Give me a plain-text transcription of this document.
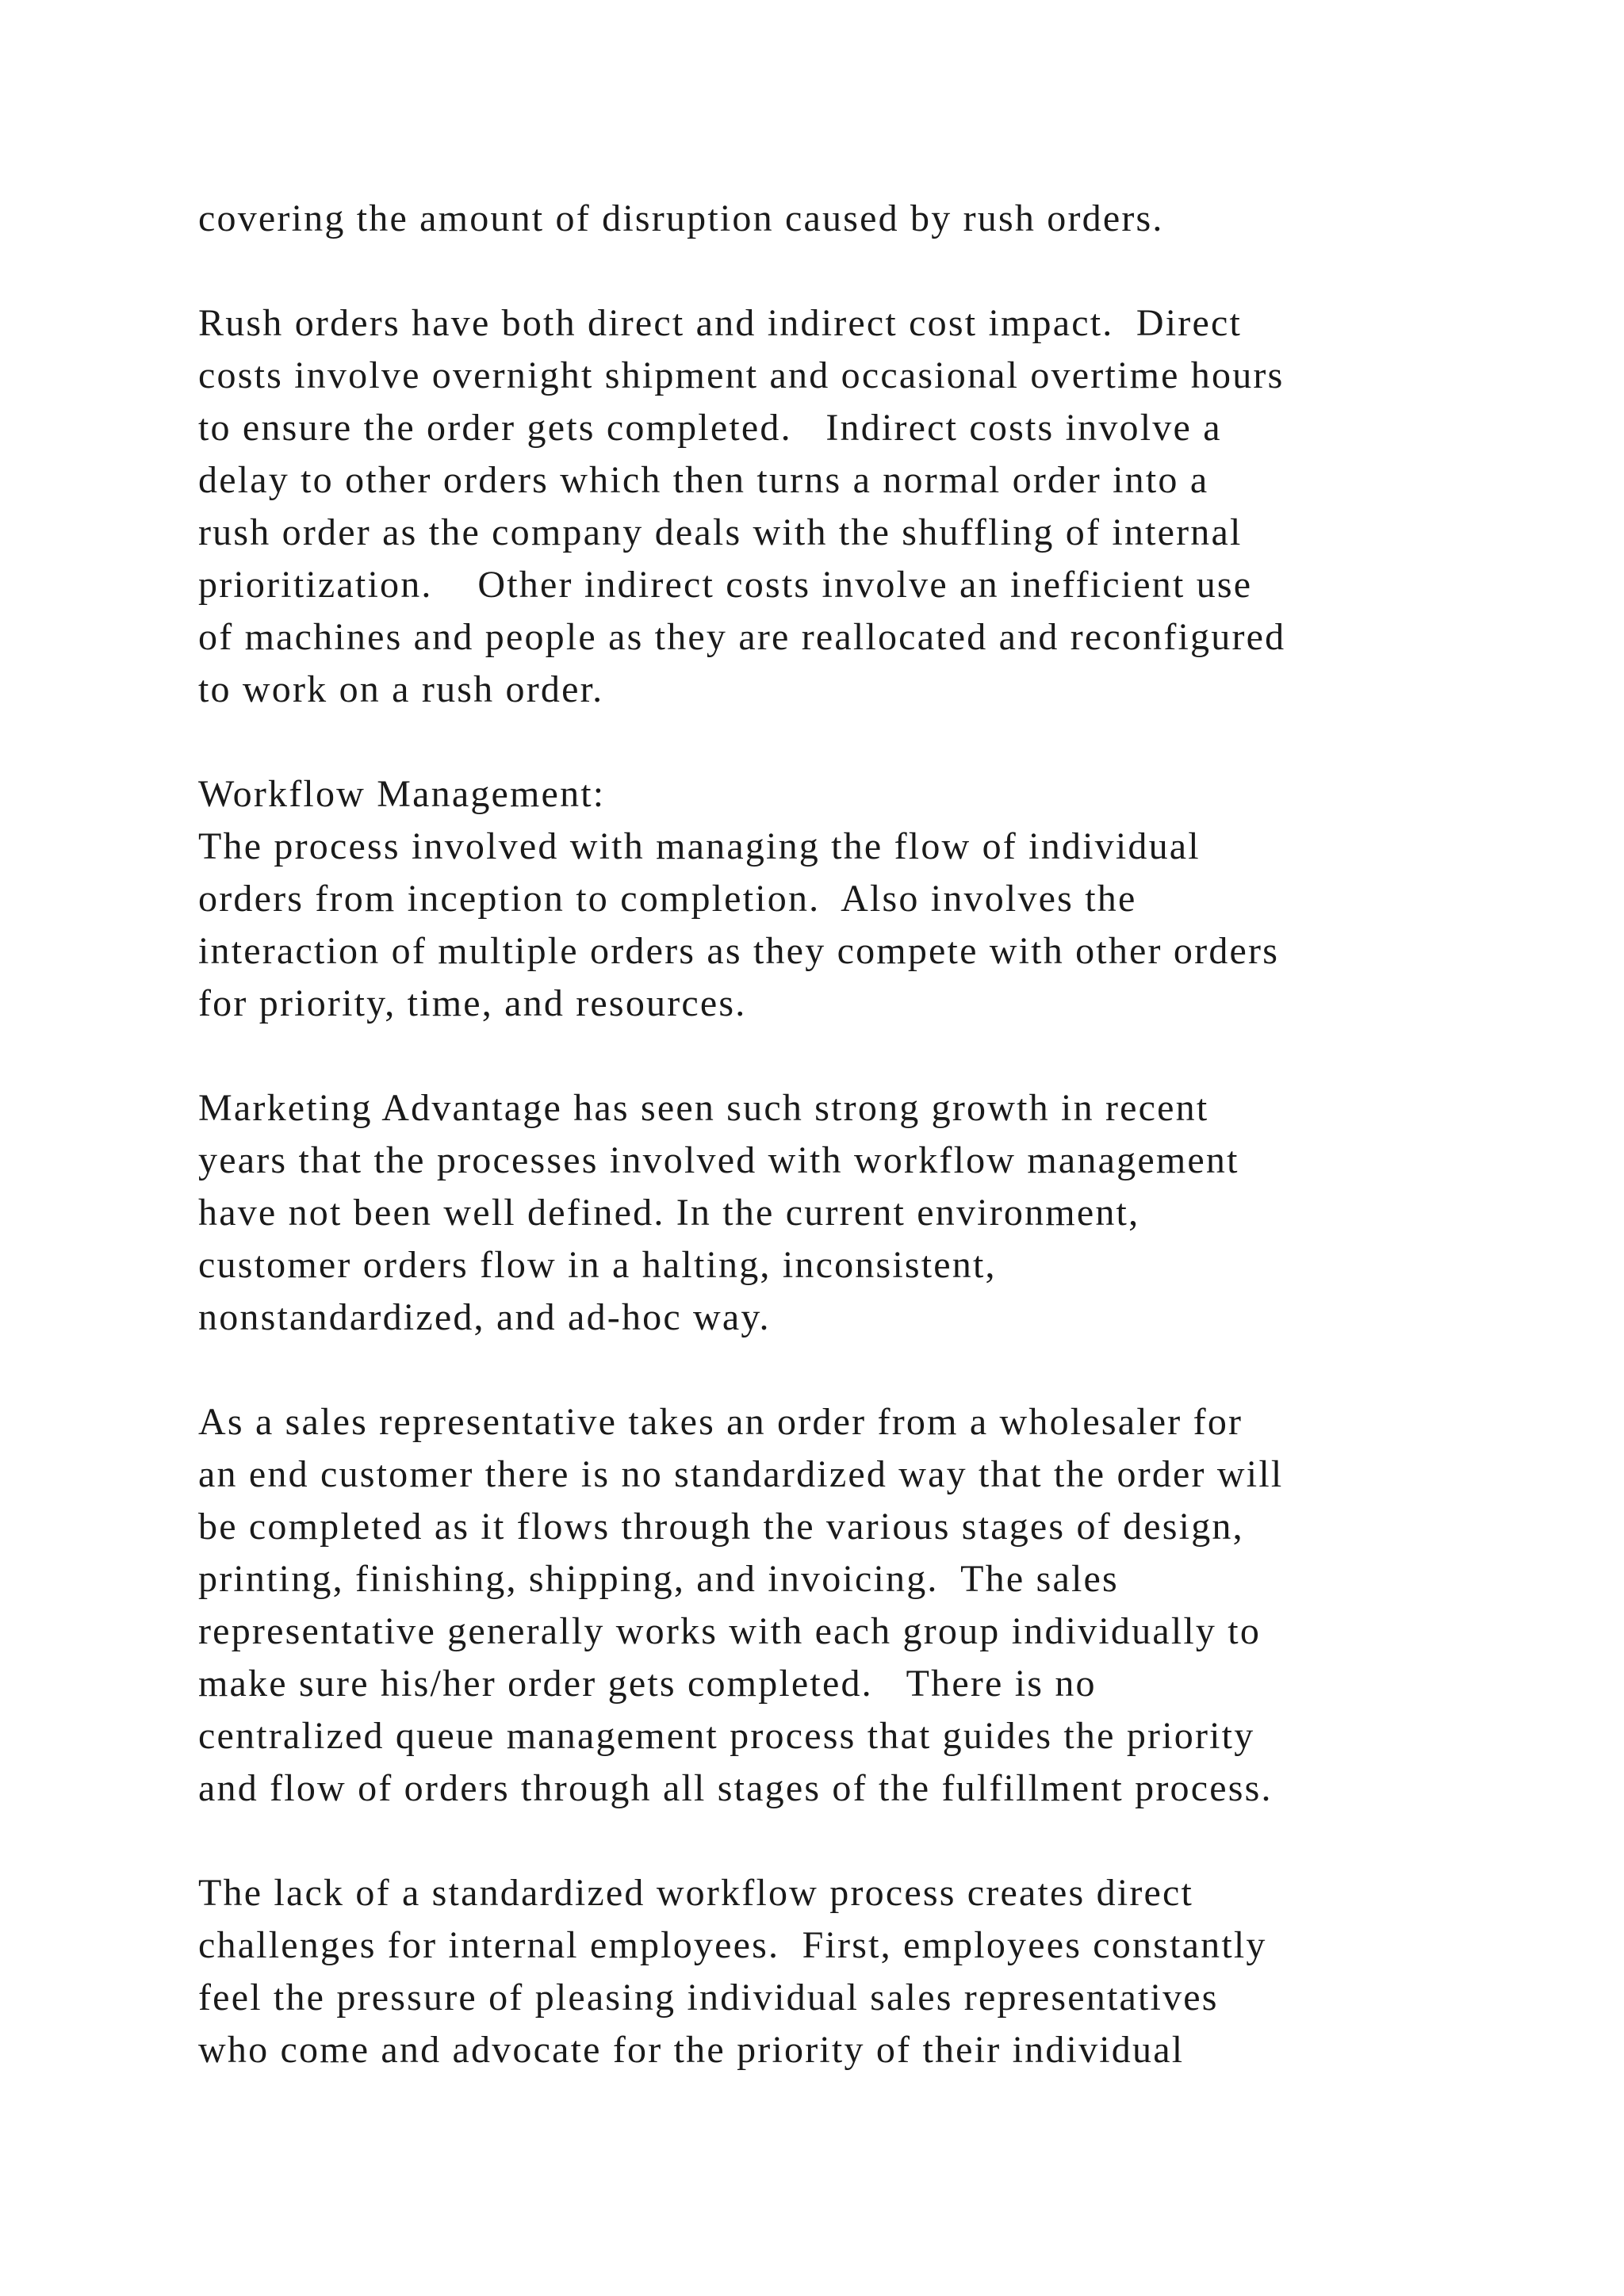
covering the amount of disruption caused by rush orders.
Rush orders have both direct and indirect cost impact.  Direct
costs involve overnight shipment and occasional overtime hours
to ensure the order gets completed.   Indirect costs involve a
delay to other orders which then turns a normal order into a
rush order as the company deals with the shuffling of internal
prioritization.    Other indirect costs involve an inefficient use
of machines and people as they are reallocated and reconfigured
to work on a rush order.
Workflow Management:
The process involved with managing the flow of individual
orders from inception to completion.  Also involves the
interaction of multiple orders as they compete with other orders
for priority, time, and resources.
Marketing Advantage has seen such strong growth in recent
years that the processes involved with workflow management
have not been well defined. In the current environment,
customer orders flow in a halting, inconsistent,
nonstandardized, and ad-hoc way.
As a sales representative takes an order from a wholesaler for
an end customer there is no standardized way that the order will
be completed as it flows through the various stages of design,
printing, finishing, shipping, and invoicing.  The sales
representative generally works with each group individually to
make sure his/her order gets completed.   There is no
centralized queue management process that guides the priority
and flow of orders through all stages of the fulfillment process.
The lack of a standardized workflow process creates direct
challenges for internal employees.  First, employees constantly
feel the pressure of pleasing individual sales representatives
who come and advocate for the priority of their individual
